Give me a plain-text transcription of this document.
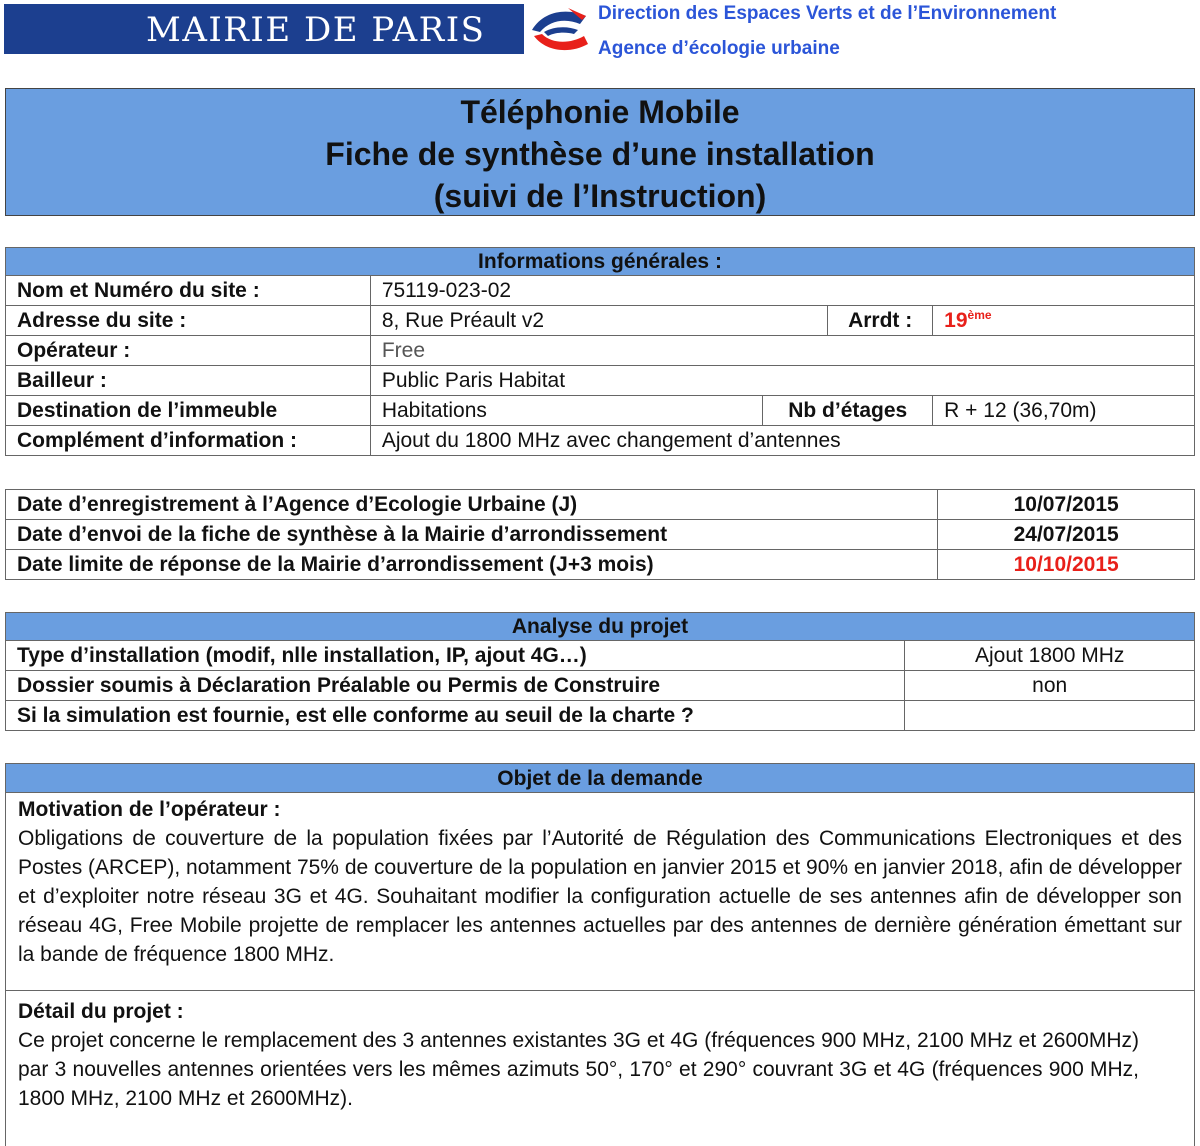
MAIRIE DE PARIS	Direction des Espaces Verts et de l’Environnement
Agence d’écologie urbaine
Téléphonie Mobile
Fiche de synthèse d’une installation
(suivi de l’Instruction)
Informations générales :				
Nom et Numéro du site :	75119-023-02			
Adresse du site :	8, Rue Préault v2		Arrdt :	19ème
Opérateur :	Free			
Bailleur :	Public Paris Habitat			
Destination de l’immeuble	Habitations	Nb d’étages		R + 12 (36,70m)
Complément d’information :	Ajout du 1800 MHz avec changement d’antennes			
Date d’enregistrement à l’Agence d’Ecologie Urbaine (J)	10/07/2015
Date d’envoi de la fiche de synthèse à la Mairie d’arrondissement	24/07/2015
Date limite de réponse de la Mairie d’arrondissement (J+3 mois)	10/10/2015
Analyse du projet	
Type d’installation (modif, nlle installation, IP, ajout 4G…)	Ajout 1800 MHz
Dossier soumis à Déclaration Préalable ou Permis de Construire	non
Si la simulation est fournie, est elle conforme au seuil de la charte ?	
Objet de la demande
Motivation de l’opérateur :
Obligations de couverture de la population fixées par l’Autorité de Régulation des Communications Electroniques et des Postes (ARCEP), notamment 75% de couverture de la population en janvier 2015 et 90% en janvier 2018, afin de développer et d’exploiter notre réseau 3G et 4G. Souhaitant modifier la configuration actuelle de ses antennes afin de développer son réseau 4G, Free Mobile projette de remplacer les antennes actuelles par des antennes de dernière génération émettant sur la bande de fréquence 1800 MHz.
Détail du projet :
Ce projet concerne le remplacement des 3 antennes existantes 3G et 4G (fréquences 900 MHz, 2100 MHz et 2600MHz) par 3 nouvelles antennes orientées vers les mêmes azimuts 50°, 170° et 290° couvrant 3G et 4G (fréquences 900 MHz, 1800 MHz, 2100 MHz et 2600MHz).
